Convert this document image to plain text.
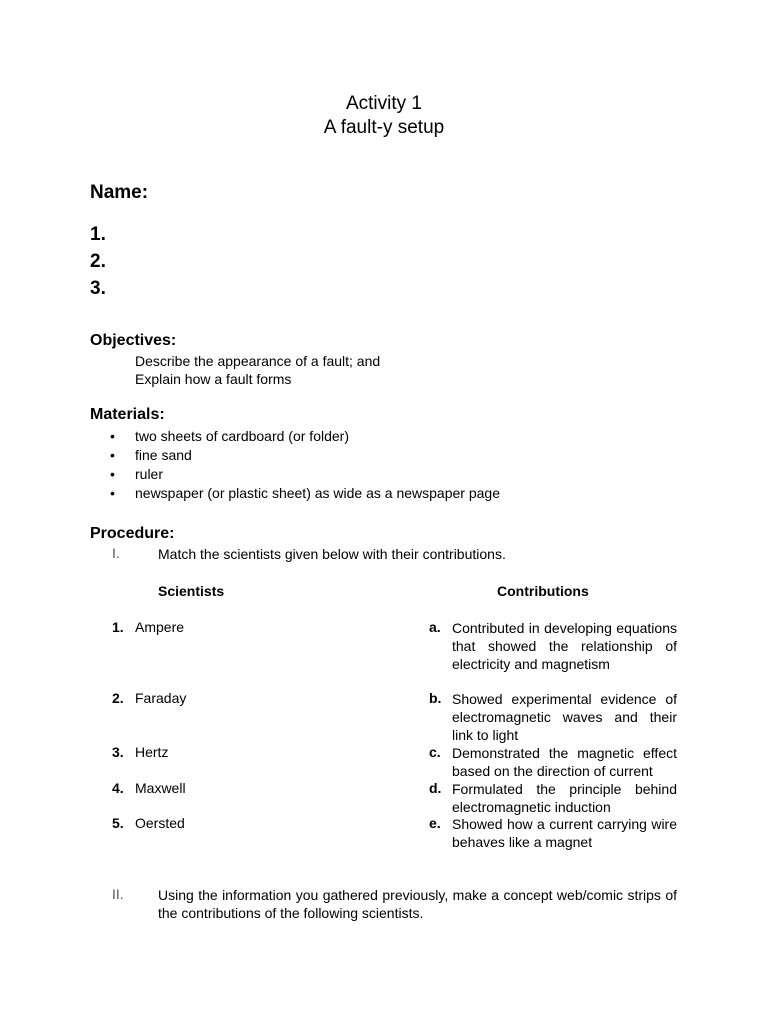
Activity 1
A fault-y setup
Name:
1.
2.
3.
Objectives:
Describe the appearance of a fault; and
Explain how a fault forms
Materials:
• two sheets of cardboard (or folder)
• fine sand
• ruler
• newspaper (or plastic sheet) as wide as a newspaper page
Procedure:
I.	Match the scientists given below with their contributions.
Scientists	Contributions
1. Ampere
2. Faraday
3. Hertz
4. Maxwell
5. Oersted
a. Contributed in developing equations that showed the relationship of electricity and magnetism
b. Showed experimental evidence of electromagnetic waves and their link to light
c. Demonstrated the magnetic effect based on the direction of current
d. Formulated the principle behind electromagnetic induction
e. Showed how a current carrying wire behaves like a magnet
II. Using the information you gathered previously, make a concept web/comic strips of the contributions of the following scientists.
